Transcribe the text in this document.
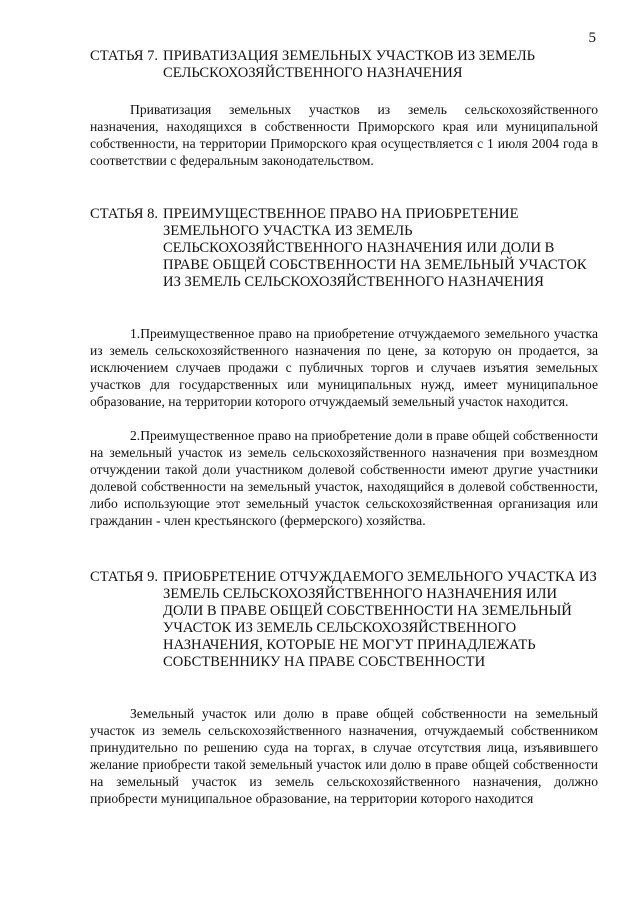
5
СТАТЬЯ 7. ПРИВАТИЗАЦИЯ ЗЕМЕЛЬНЫХ УЧАСТКОВ ИЗ ЗЕМЕЛЬ СЕЛЬСКОХОЗЯЙСТВЕННОГО НАЗНАЧЕНИЯ

Приватизация земельных участков из земель сельскохозяйственного назначения, находящихся в собственности Приморского края или муниципальной собственности, на территории Приморского края осуществляется с 1 июля 2004 года в соответствии с федеральным законодательством.

СТАТЬЯ 8. ПРЕИМУЩЕСТВЕННОЕ ПРАВО НА ПРИОБРЕТЕНИЕ ЗЕМЕЛЬНОГО УЧАСТКА ИЗ ЗЕМЕЛЬ СЕЛЬСКОХОЗЯЙСТВЕННОГО НАЗНАЧЕНИЯ ИЛИ ДОЛИ В ПРАВЕ ОБЩЕЙ СОБСТВЕННОСТИ НА ЗЕМЕЛЬНЫЙ УЧАСТОК ИЗ ЗЕМЕЛЬ СЕЛЬСКОХОЗЯЙСТВЕННОГО НАЗНАЧЕНИЯ

1.Преимущественное право на приобретение отчуждаемого земельного участка из земель сельскохозяйственного назначения по цене, за которую он продается, за исключением случаев продажи с публичных торгов и случаев изъятия земельных участков для государственных или муниципальных нужд, имеет муниципальное образование, на территории которого отчуждаемый земельный участок находится.

2.Преимущественное право на приобретение доли в праве общей собственности на земельный участок из земель сельскохозяйственного назначения при возмездном отчуждении такой доли участником долевой собственности имеют другие участники долевой собственности на земельный участок, находящийся в долевой собственности, либо использующие этот земельный участок сельскохозяйственная организация или гражданин - член крестьянского (фермерского) хозяйства.

СТАТЬЯ 9. ПРИОБРЕТЕНИЕ ОТЧУЖДАЕМОГО ЗЕМЕЛЬНОГО УЧАСТКА ИЗ ЗЕМЕЛЬ СЕЛЬСКОХОЗЯЙСТВЕННОГО НАЗНАЧЕНИЯ ИЛИ ДОЛИ В ПРАВЕ ОБЩЕЙ СОБСТВЕННОСТИ НА ЗЕМЕЛЬНЫЙ УЧАСТОК ИЗ ЗЕМЕЛЬ СЕЛЬСКОХОЗЯЙСТВЕННОГО НАЗНАЧЕНИЯ, КОТОРЫЕ НЕ МОГУТ ПРИНАДЛЕЖАТЬ СОБСТВЕННИКУ НА ПРАВЕ СОБСТВЕННОСТИ

Земельный участок или долю в праве общей собственности на земельный участок из земель сельскохозяйственного назначения, отчуждаемый собственником принудительно по решению суда на торгах, в случае отсутствия лица, изъявившего желание приобрести такой земельный участок или долю в праве общей собственности на земельный участок из земель сельскохозяйственного назначения, должно приобрести муниципальное образование, на территории которого находится
